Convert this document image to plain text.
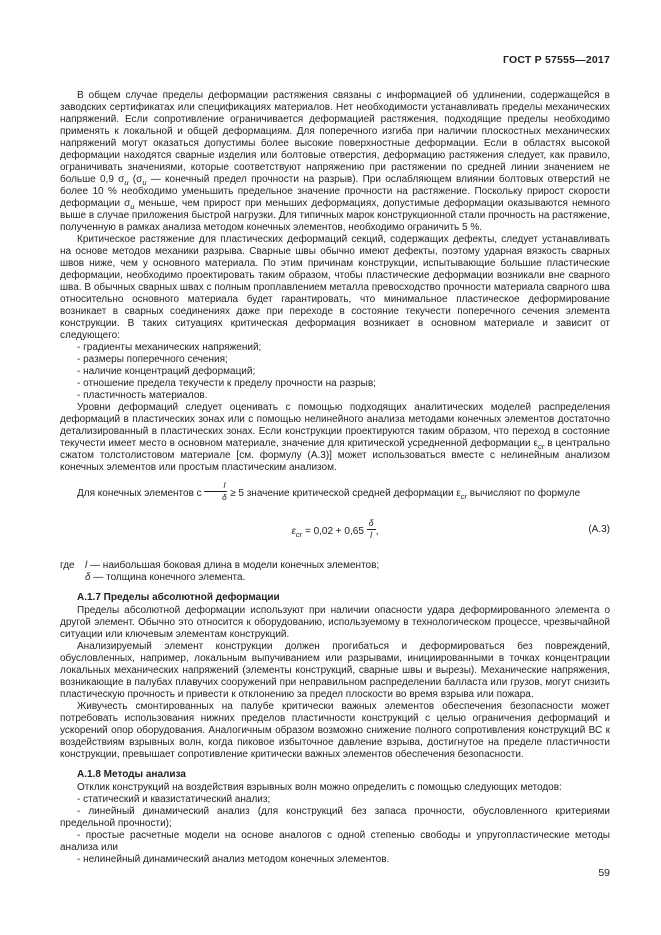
ГОСТ Р 57555—2017

В общем случае пределы деформации растяжения связаны с информацией об удлинении, содержащейся в заводских сертификатах или спецификациях материалов. Нет необходимости устанавливать пределы механических напряжений. Если сопротивление ограничивается деформацией растяжения, подходящие пределы необходимо применять к локальной и общей деформациям. Для поперечного изгиба при наличии плоскостных механических напряжений могут оказаться допустимы более высокие поверхностные деформации. Если в областях высокой деформации находятся сварные изделия или болтовые отверстия, деформацию растяжения следует, как правило, ограничивать значениями, которые соответствуют напряжению при растяжении по средней линии значением не больше 0,9 $\sigma_u$ ($\sigma_u$ — конечный предел прочности на разрыв). При ослабляющем влиянии болтовых отверстий не более 10 % необходимо уменьшить предельное значение прочности на растяжение. Поскольку прирост скорости деформации $\sigma_u$ меньше, чем прирост при меньших деформациях, допустимые деформации оказываются немного выше в случае приложения быстрой нагрузки. Для типичных марок конструкционной стали прочность на растяжение, полученную в рамках анализа методом конечных элементов, необходимо ограничить 5 %.

Критическое растяжение для пластических деформаций секций, содержащих дефекты, следует устанавливать на основе методов механики разрыва. Сварные швы обычно имеют дефекты, поэтому ударная вязкость сварных швов ниже, чем у основного материала. По этим причинам конструкции, испытывающие большие пластические деформации, необходимо проектировать таким образом, чтобы пластические деформации возникали вне сварного шва. В обычных сварных швах с полным проплавлением металла превосходство прочности материала сварного шва относительно основного материала будет гарантировать, что минимальное пластическое деформирование возникает в сварных соединениях даже при переходе в состояние текучести поперечного сечения элемента конструкции. В таких ситуациях критическая деформация возникает в основном материале и зависит от следующего:

- градиенты механических напряжений;

- размеры поперечного сечения;

- наличие концентраций деформаций;

- отношение предела текучести к пределу прочности на разрыв;

- пластичность материалов.

Уровни деформаций следует оценивать с помощью подходящих аналитических моделей распределения деформаций в пластических зонах или с помощью нелинейного анализа методами конечных элементов достаточно детализированный в пластических зонах. Если конструкции проектируются таким образом, что переход в состояние текучести имеет место в основном материале, значение для критической усредненной деформации $\varepsilon_{cr}$ в центрально сжатом толстолистовом материале [см. формулу (А.3)] может использоваться вместе с нелинейным анализом конечных элементов или простым пластическим анализом.

Для конечных элементов с $\frac{l}{\delta} \ge 5$ значение критической средней деформации $\varepsilon_{cr}$ вычисляют по формуле

$\varepsilon_{cr} = 0,02 + 0,65 \frac{\delta}{l}$ ,	(А.3)
где l — наибольшая боковая длина в модели конечных элементов;
δ — толщина конечного элемента.

А.1.7 Пределы абсолютной деформации

Пределы абсолютной деформации используют при наличии опасности удара деформированного элемента о другой элемент. Обычно это относится к оборудованию, используемому в технологическом процессе, чрезвычайной ситуации или ключевым элементам конструкций.

Анализируемый элемент конструкции должен прогибаться и деформироваться без повреждений, обусловленных, например, локальным выпучиванием или разрывами, инициированными в точках концентрации локальных механических напряжений (элементы конструкций, сварные швы и вырезы). Механические напряжения, возникающие в палубах плавучих сооружений при неправильном распределении балласта или грузов, могут снизить пластическую прочность и привести к отклонению за предел плоскости во время взрыва или пожара.

Живучесть смонтированных на палубе критически важных элементов обеспечения безопасности может потребовать использования нижних пределов пластичности конструкций с целью ограничения деформаций и ускорений опор оборудования. Аналогичным образом возможно снижение полного сопротивления конструкций ВС к воздействиям взрывных волн, когда пиковое избыточное давление взрыва, достигнутое на пределе пластичности конструкции, превышает сопротивление критически важных элементов обеспечения безопасности.

А.1.8 Методы анализа

Отклик конструкций на воздействия взрывных волн можно определить с помощью следующих методов:

- статический и квазистатический анализ;

- линейный динамический анализ (для конструкций без запаса прочности, обусловленного критериями предельной прочности);

- простые расчетные модели на основе аналогов с одной степенью свободы и упругопластические методы анализа или

- нелинейный динамический анализ методом конечных элементов.

59
